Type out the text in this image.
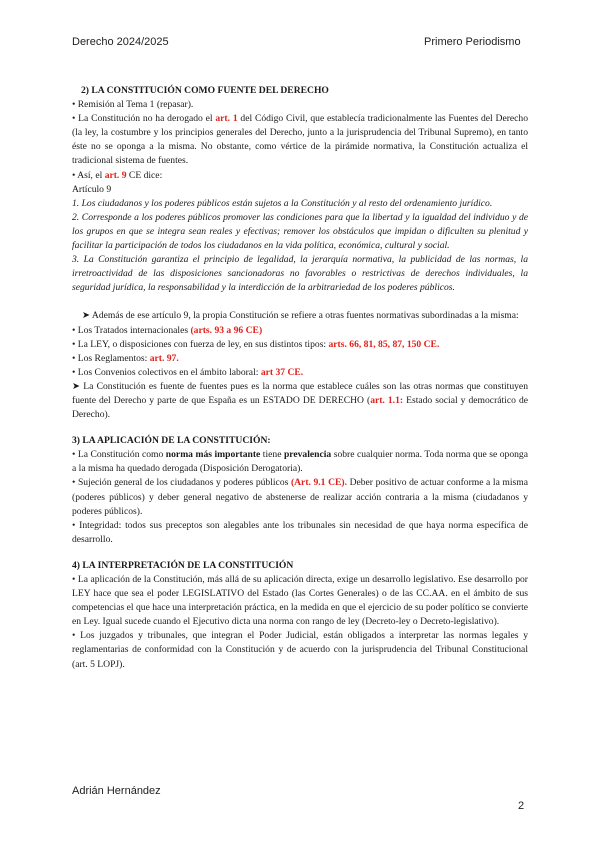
Derecho 2024/2025	Primero Periodismo

2) LA CONSTITUCIÓN COMO FUENTE DEL DERECHO

• Remisión al Tema 1 (repasar).

• La Constitución no ha derogado el art. 1 del Código Civil, que establecía tradicionalmente las Fuentes del Derecho (la ley, la costumbre y los principios generales del Derecho, junto a la jurisprudencia del Tribunal Supremo), en tanto éste no se oponga a la misma. No obstante, como vértice de la pirámide normativa, la Constitución actualiza el tradicional sistema de fuentes.

• Así, el art. 9 CE dice:

Artículo 9

1. Los ciudadanos y los poderes públicos están sujetos a la Constitución y al resto del ordenamiento jurídico.

2. Corresponde a los poderes públicos promover las condiciones para que la libertad y la igualdad del individuo y de los grupos en que se integra sean reales y efectivas; remover los obstáculos que impidan o dificulten su plenitud y facilitar la participación de todos los ciudadanos en la vida política, económica, cultural y social.

3. La Constitución garantiza el principio de legalidad, la jerarquía normativa, la publicidad de las normas, la irretroactividad de las disposiciones sancionadoras no favorables o restrictivas de derechos individuales, la seguridad jurídica, la responsabilidad y la interdicción de la arbitrariedad de los poderes públicos.

➤ Además de ese artículo 9, la propia Constitución se refiere a otras fuentes normativas subordinadas a la misma:

• Los Tratados internacionales (arts. 93 a 96 CE)

• La LEY, o disposiciones con fuerza de ley, en sus distintos tipos: arts. 66, 81, 85, 87, 150 CE.

• Los Reglamentos: art. 97.

• Los Convenios colectivos en el ámbito laboral: art 37 CE.

➤ La Constitución es fuente de fuentes pues es la norma que establece cuáles son las otras normas que constituyen fuente del Derecho y parte de que España es un ESTADO DE DERECHO (art. 1.1: Estado social y democrático de Derecho).

3) LA APLICACIÓN DE LA CONSTITUCIÓN:

• La Constitución como norma más importante tiene prevalencia sobre cualquier norma. Toda norma que se oponga a la misma ha quedado derogada (Disposición Derogatoria).

• Sujeción general de los ciudadanos y poderes públicos (Art. 9.1 CE). Deber positivo de actuar conforme a la misma (poderes públicos) y deber general negativo de abstenerse de realizar acción contraria a la misma (ciudadanos y poderes públicos).

• Integridad: todos sus preceptos son alegables ante los tribunales sin necesidad de que haya norma específica de desarrollo.

4) LA INTERPRETACIÓN DE LA CONSTITUCIÓN

• La aplicación de la Constitución, más allá de su aplicación directa, exige un desarrollo legislativo. Ese desarrollo por LEY hace que sea el poder LEGISLATIVO del Estado (las Cortes Generales) o de las CC.AA. en el ámbito de sus competencias el que hace una interpretación práctica, en la medida en que el ejercicio de su poder político se convierte en Ley. Igual sucede cuando el Ejecutivo dicta una norma con rango de ley (Decreto-ley o Decreto-legislativo).

• Los juzgados y tribunales, que integran el Poder Judicial, están obligados a interpretar las normas legales y reglamentarias de conformidad con la Constitución y de acuerdo con la jurisprudencia del Tribunal Constitucional (art. 5 LOPJ).

Adrián Hernández
2
